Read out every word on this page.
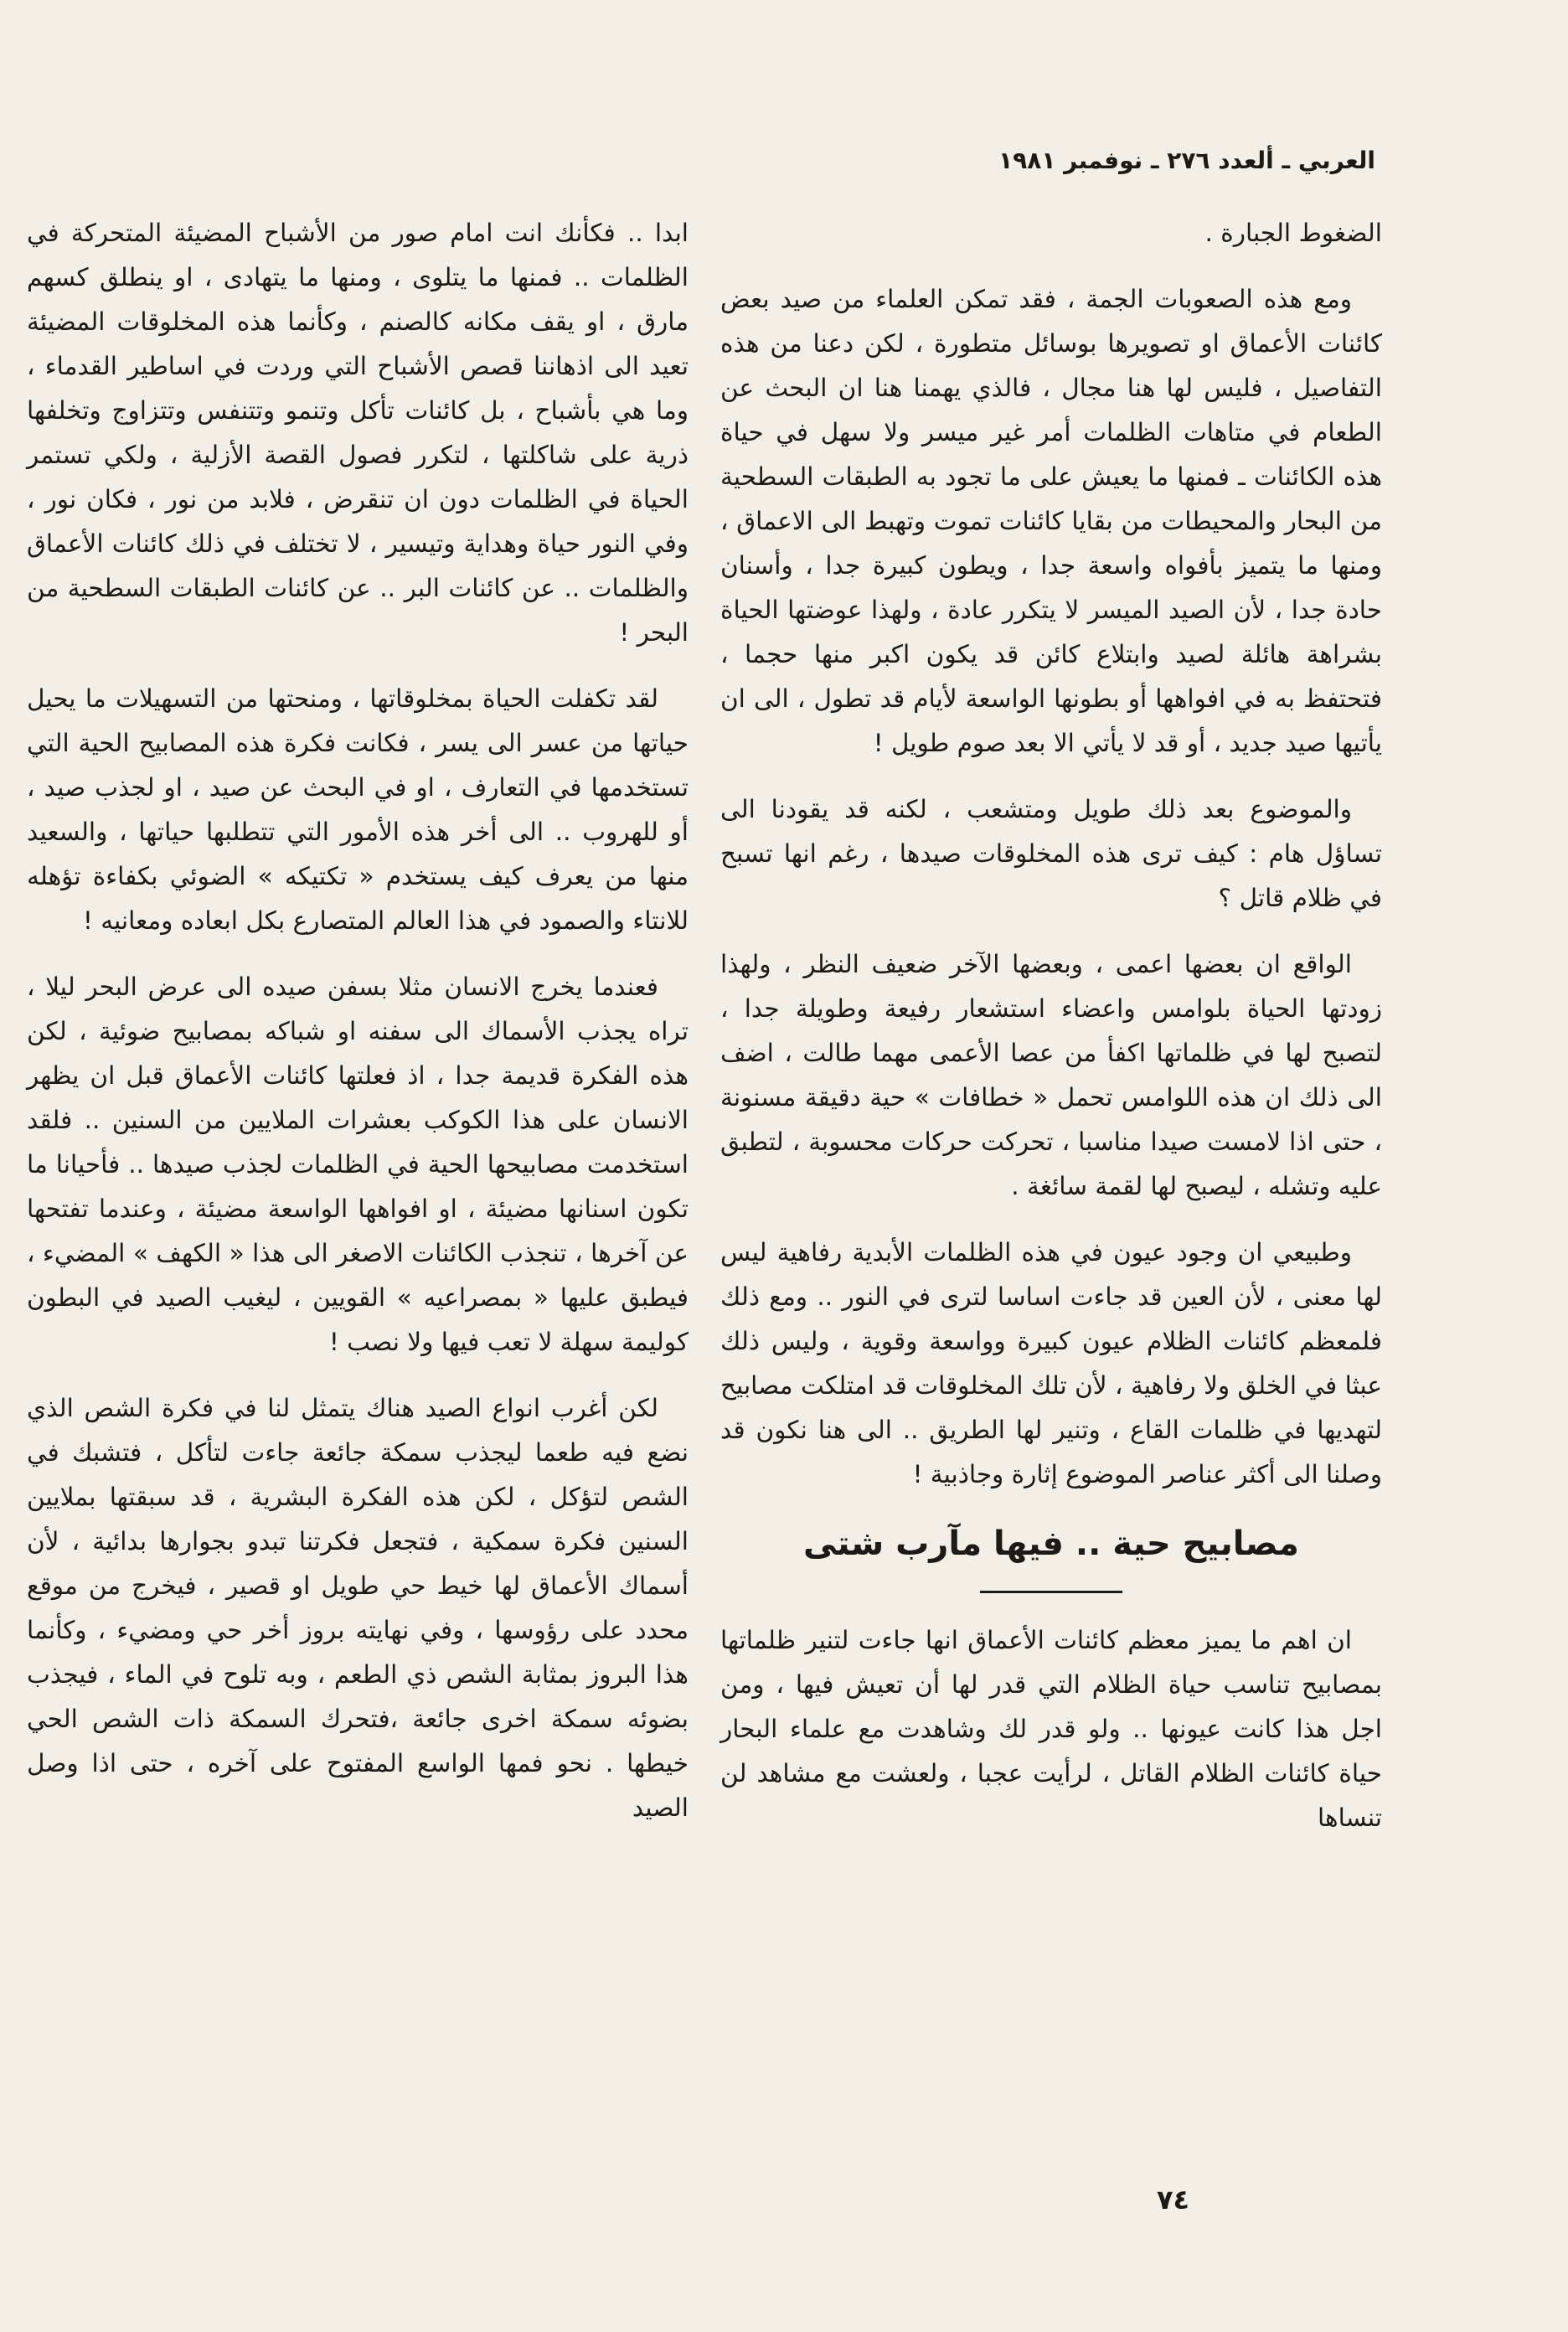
العربي ـ ألعدد ٢٧٦ ـ نوفمبر ١٩٨١

الضغوط الجبارة .

ومع هذه الصعوبات الجمة ، فقد تمكن العلماء من صيد بعض كائنات الأعماق او تصويرها بوسائل متطورة ، لكن دعنا من هذه التفاصيل ، فليس لها هنا مجال ، فالذي يهمنا هنا ان البحث عن الطعام في متاهات الظلمات أمر غير ميسر ولا سهل في حياة هذه الكائنات ـ فمنها ما يعيش على ما تجود به الطبقات السطحية من البحار والمحيطات من بقايا كائنات تموت وتهبط الى الاعماق ، ومنها ما يتميز بأفواه واسعة جدا ، ويطون كبيرة جدا ، وأسنان حادة جدا ، لأن الصيد الميسر لا يتكرر عادة ، ولهذا عوضتها الحياة بشراهة هائلة لصيد وابتلاع كائن قد يكون اكبر منها حجما ، فتحتفظ به في افواهها أو بطونها الواسعة لأيام قد تطول ، الى ان يأتيها صيد جديد ، أو قد لا يأتي الا بعد صوم طويل !

والموضوع بعد ذلك طويل ومتشعب ، لكنه قد يقودنا الى تساؤل هام : كيف ترى هذه المخلوقات صيدها ، رغم انها تسبح في ظلام قاتل ؟

الواقع ان بعضها اعمى ، وبعضها الآخر ضعيف النظر ، ولهذا زودتها الحياة بلوامس واعضاء استشعار رفيعة وطويلة جدا ، لتصبح لها في ظلماتها اكفأ من عصا الأعمى مهما طالت ، اضف الى ذلك ان هذه اللوامس تحمل « خطافات » حية دقيقة مسنونة ، حتى اذا لامست صيدا مناسبا ، تحركت حركات محسوبة ، لتطبق عليه وتشله ، ليصبح لها لقمة سائغة .

وطبيعي ان وجود عيون في هذه الظلمات الأبدية رفاهية ليس لها معنى ، لأن العين قد جاءت اساسا لترى في النور .. ومع ذلك فلمعظم كائنات الظلام عيون كبيرة وواسعة وقوية ، وليس ذلك عبثا في الخلق ولا رفاهية ، لأن تلك المخلوقات قد امتلكت مصابيح لتهديها في ظلمات القاع ، وتنير لها الطريق .. الى هنا نكون قد وصلنا الى أكثر عناصر الموضوع إثارة وجاذبية !

مصابيح حية .. فيها مآرب شتى

ان اهم ما يميز معظم كائنات الأعماق انها جاءت لتنير ظلماتها بمصابيح تناسب حياة الظلام التي قدر لها أن تعيش فيها ، ومن اجل هذا كانت عيونها .. ولو قدر لك وشاهدت مع علماء البحار حياة كائنات الظلام القاتل ، لرأيت عجبا ، ولعشت مع مشاهد لن تنساها

ابدا .. فكأنك انت امام صور من الأشباح المضيئة المتحركة في الظلمات .. فمنها ما يتلوى ، ومنها ما يتهادى ، او ينطلق كسهم مارق ، او يقف مكانه كالصنم ، وكأنما هذه المخلوقات المضيئة تعيد الى اذهاننا قصص الأشباح التي وردت في اساطير القدماء ، وما هي بأشباح ، بل كائنات تأكل وتنمو وتتنفس وتتزاوج وتخلفها ذرية على شاكلتها ، لتكرر فصول القصة الأزلية ، ولكي تستمر الحياة في الظلمات دون ان تنقرض ، فلابد من نور ، فكان نور ، وفي النور حياة وهداية وتيسير ، لا تختلف في ذلك كائنات الأعماق والظلمات .. عن كائنات البر .. عن كائنات الطبقات السطحية من البحر !

لقد تكفلت الحياة بمخلوقاتها ، ومنحتها من التسهيلات ما يحيل حياتها من عسر الى يسر ، فكانت فكرة هذه المصابيح الحية التي تستخدمها في التعارف ، او في البحث عن صيد ، او لجذب صيد ، أو للهروب .. الى أخر هذه الأمور التي تتطلبها حياتها ، والسعيد منها من يعرف كيف يستخدم « تكتيكه » الضوئي بكفاءة تؤهله للانتاء والصمود في هذا العالم المتصارع بكل ابعاده ومعانيه !

فعندما يخرج الانسان مثلا بسفن صيده الى عرض البحر ليلا ، تراه يجذب الأسماك الى سفنه او شباكه بمصابيح ضوئية ، لكن هذه الفكرة قديمة جدا ، اذ فعلتها كائنات الأعماق قبل ان يظهر الانسان على هذا الكوكب بعشرات الملايين من السنين .. فلقد استخدمت مصابيحها الحية في الظلمات لجذب صيدها .. فأحيانا ما تكون اسنانها مضيئة ، او افواهها الواسعة مضيئة ، وعندما تفتحها عن آخرها ، تنجذب الكائنات الاصغر الى هذا « الكهف » المضيء ، فيطبق عليها « بمصراعيه » القويين ، ليغيب الصيد في البطون كوليمة سهلة لا تعب فيها ولا نصب !

لكن أغرب انواع الصيد هناك يتمثل لنا في فكرة الشص الذي نضع فيه طعما ليجذب سمكة جائعة جاءت لتأكل ، فتشبك في الشص لتؤكل ، لكن هذه الفكرة البشرية ، قد سبقتها بملايين السنين فكرة سمكية ، فتجعل فكرتنا تبدو بجوارها بدائية ، لأن أسماك الأعماق لها خيط حي طويل او قصير ، فيخرج من موقع محدد على رؤوسها ، وفي نهايته بروز أخر حي ومضيء ، وكأنما هذا البروز بمثابة الشص ذي الطعم ، وبه تلوح في الماء ، فيجذب بضوئه سمكة اخرى جائعة ،فتحرك السمكة ذات الشص الحي خيطها . نحو فمها الواسع المفتوح على آخره ، حتى اذا وصل الصيد

٧٤
